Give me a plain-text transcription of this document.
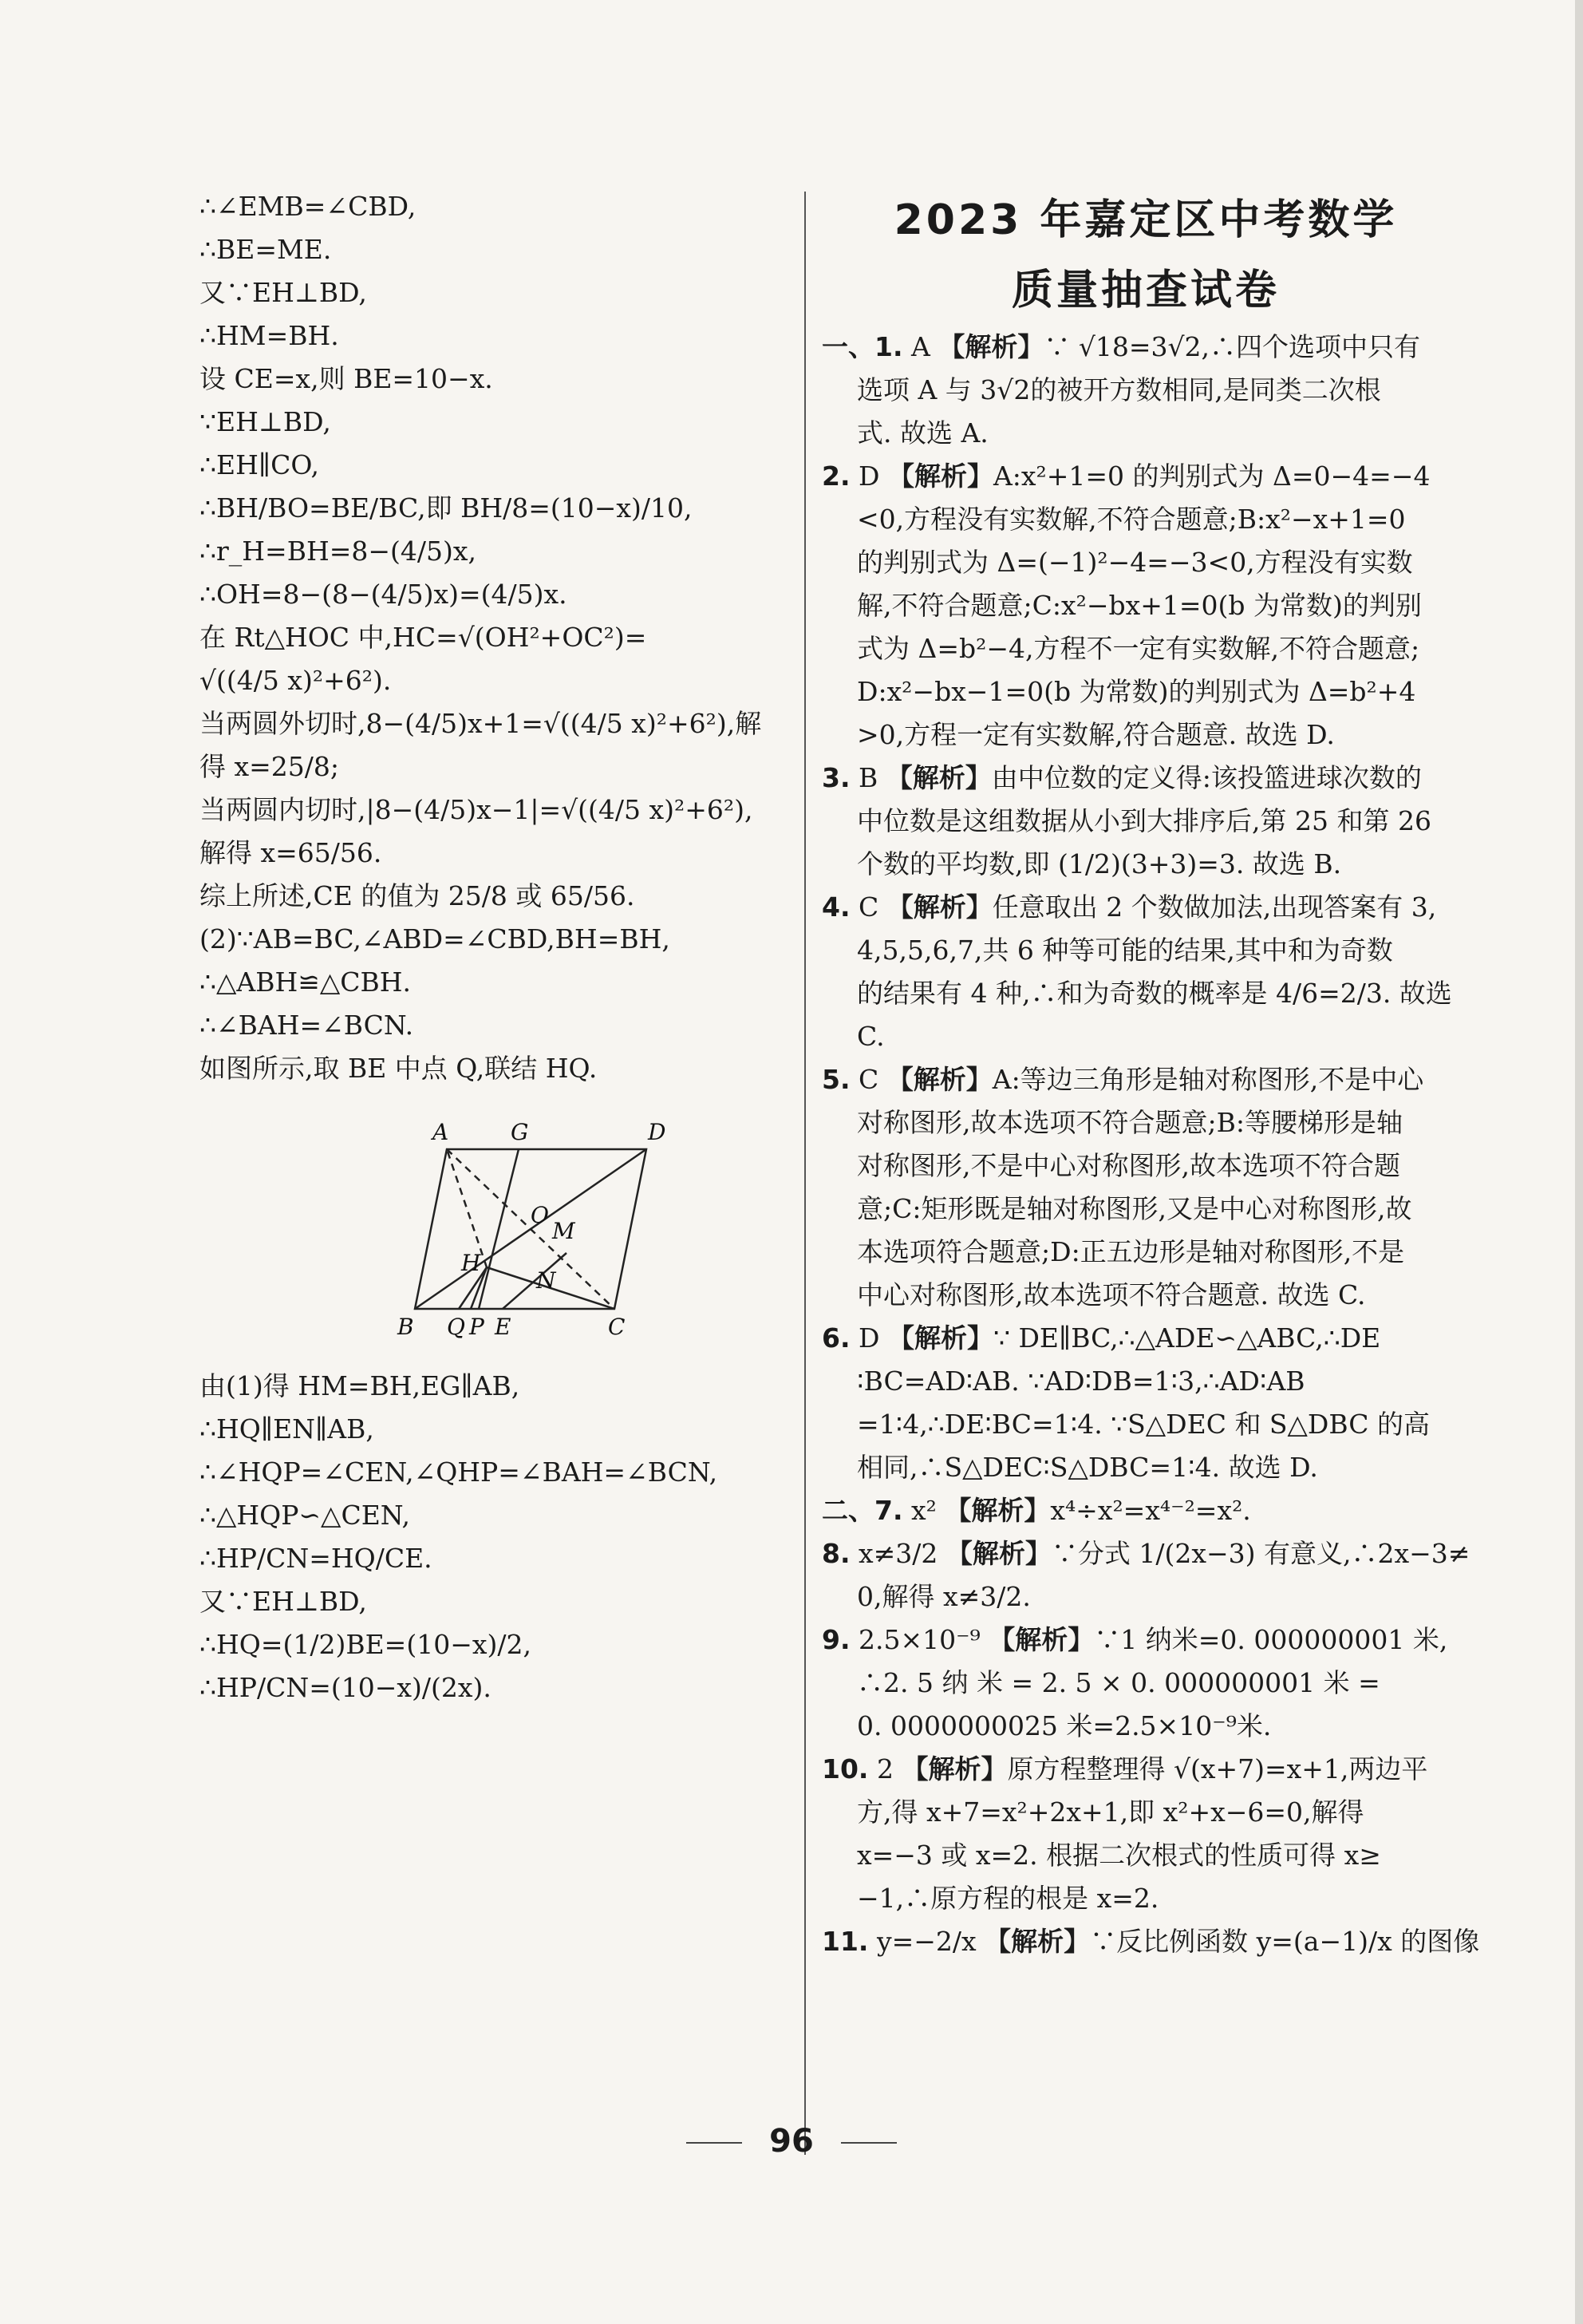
∴∠EMB=∠CBD,
∴BE=ME.
又∵EH⊥BD,
∴HM=BH.
设 CE=x,则 BE=10−x.
∵EH⊥BD,
∴EH∥CO,
∴BH/BO=BE/BC,即 BH/8=(10−x)/10,
∴r_H=BH=8−(4/5)x,
∴OH=8−(8−(4/5)x)=(4/5)x.
在 Rt△HOC 中,HC=√(OH²+OC²)=
√((4/5 x)²+6²).
当两圆外切时,8−(4/5)x+1=√((4/5 x)²+6²),解
得 x=25/8;
当两圆内切时,|8−(4/5)x−1|=√((4/5 x)²+6²),
解得 x=65/56.
综上所述,CE 的值为 25/8 或 65/56.
(2)∵AB=BC,∠ABD=∠CBD,BH=BH,
∴△ABH≌△CBH.
∴∠BAH=∠BCN.
如图所示,取 BE 中点 Q,联结 HQ.
A	G	D
O
M
H
N
B Q P E	C
由(1)得 HM=BH,EG∥AB,
∴HQ∥EN∥AB,
∴∠HQP=∠CEN,∠QHP=∠BAH=∠BCN,
∴△HQP∽△CEN,
∴HP/CN=HQ/CE.
又∵EH⊥BD,
∴HQ=(1/2)BE=(10−x)/2,
∴HP/CN=(10−x)/(2x).
2023 年嘉定区中考数学
质量抽查试卷
一、1. A 【解析】∵ √18=3√2,∴四个选项中只有
选项 A 与 3√2的被开方数相同,是同类二次根
式. 故选 A.
2. D 【解析】A:x²+1=0 的判别式为 Δ=0−4=−4
<0,方程没有实数解,不符合题意;B:x²−x+1=0
的判别式为 Δ=(−1)²−4=−3<0,方程没有实数
解,不符合题意;C:x²−bx+1=0(b 为常数)的判别
式为 Δ=b²−4,方程不一定有实数解,不符合题意;
D:x²−bx−1=0(b 为常数)的判别式为 Δ=b²+4
>0,方程一定有实数解,符合题意. 故选 D.
3. B 【解析】由中位数的定义得:该投篮进球次数的
中位数是这组数据从小到大排序后,第 25 和第 26
个数的平均数,即 (1/2)(3+3)=3. 故选 B.
4. C 【解析】任意取出 2 个数做加法,出现答案有 3,
4,5,5,6,7,共 6 种等可能的结果,其中和为奇数
的结果有 4 种,∴和为奇数的概率是 4/6=2/3. 故选
C.
5. C 【解析】A:等边三角形是轴对称图形,不是中心
对称图形,故本选项不符合题意;B:等腰梯形是轴
对称图形,不是中心对称图形,故本选项不符合题
意;C:矩形既是轴对称图形,又是中心对称图形,故
本选项符合题意;D:正五边形是轴对称图形,不是
中心对称图形,故本选项不符合题意. 故选 C.
6. D 【解析】∵ DE∥BC,∴△ADE∽△ABC,∴DE
∶BC=AD∶AB. ∵AD∶DB=1∶3,∴AD∶AB
=1∶4,∴DE∶BC=1∶4. ∵S△DEC 和 S△DBC 的高
相同,∴S△DEC∶S△DBC=1∶4. 故选 D.
二、7. x² 【解析】x⁴÷x²=x⁴⁻²=x².
8. x≠3/2 【解析】∵分式 1/(2x−3) 有意义,∴2x−3≠
0,解得 x≠3/2.
9. 2.5×10⁻⁹ 【解析】∵1 纳米=0. 000000001 米,
∴2. 5 纳 米 = 2. 5 × 0. 000000001 米 =
0. 0000000025 米=2.5×10⁻⁹米.
10. 2 【解析】原方程整理得 √(x+7)=x+1,两边平
方,得 x+7=x²+2x+1,即 x²+x−6=0,解得
x=−3 或 x=2. 根据二次根式的性质可得 x≥
−1,∴原方程的根是 x=2.
11. y=−2/x 【解析】∵反比例函数 y=(a−1)/x 的图像
96
